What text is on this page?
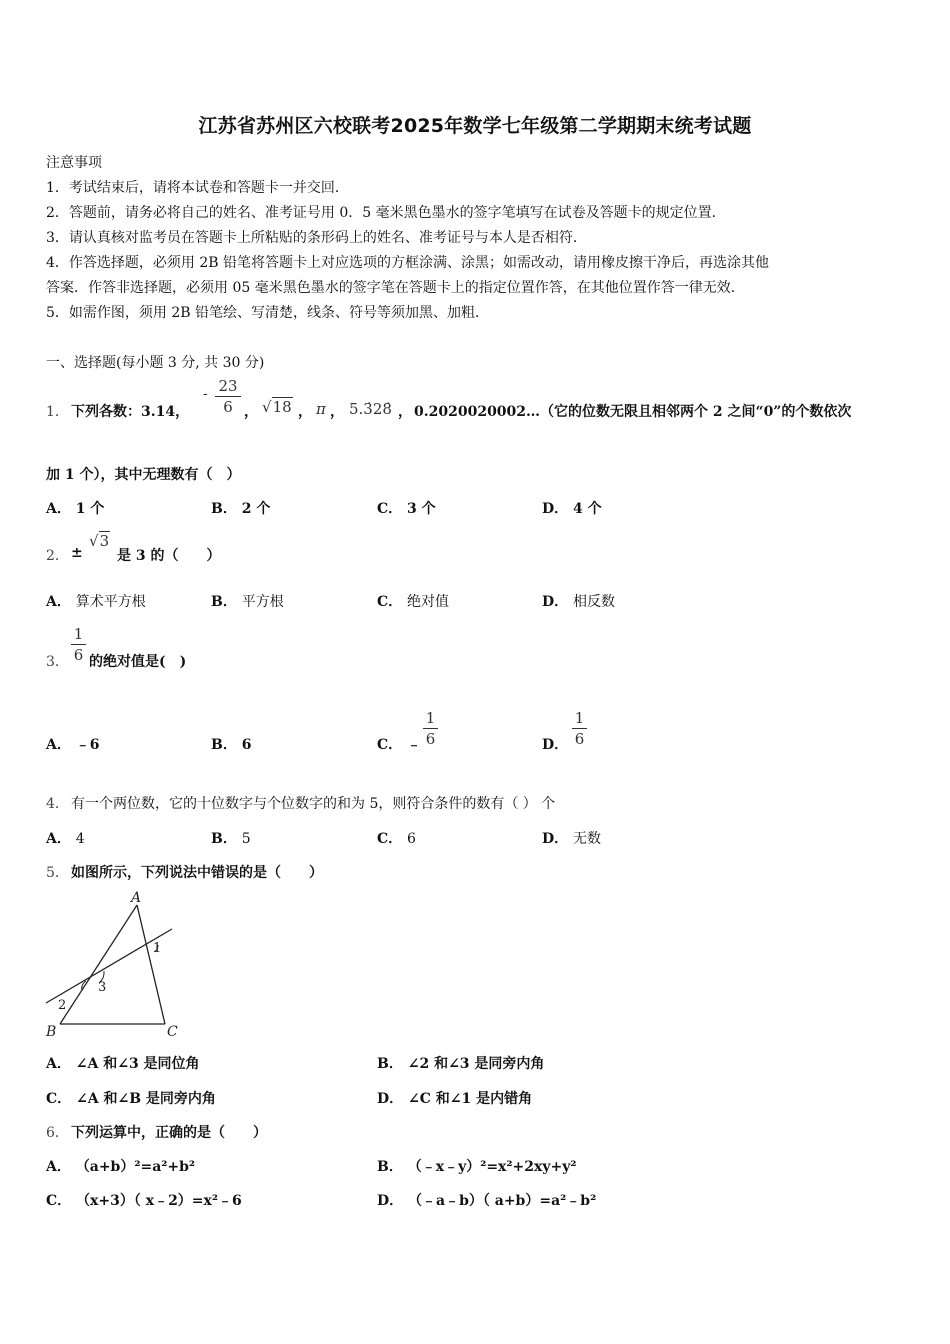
江苏省苏州区六校联考2025年数学七年级第二学期期末统考试题
注意事项
1．考试结束后，请将本试卷和答题卡一并交回．
2．答题前，请务必将自己的姓名、准考证号用 0．5 毫米黑色墨水的签字笔填写在试卷及答题卡的规定位置．
3．请认真核对监考员在答题卡上所粘贴的条形码上的姓名、准考证号与本人是否相符．
4．作答选择题，必须用 2B 铅笔将答题卡上对应选项的方框涂满、涂黑；如需改动，请用橡皮擦干净后，再选涂其他
答案．作答非选择题，必须用 05 毫米黑色墨水的签字笔在答题卡上的指定位置作答，在其他位置作答一律无效．
5．如需作图，须用 2B 铅笔绘、写清楚，线条、符号等须加黑、加粗．
一、选择题(每小题 3 分, 共 30 分)
1． 下列各数：3.14，
- 23
6 ， √18 ， π ， 5.3̇28̇ ， 0.2020020002…（它的位数无限且相邻两个 2 之间“0”的个数依次
加 1 个），其中无理数有（　）
A． 1 个	B． 2 个	C． 3 个	D． 4 个
2． ±
√3
是 3 的（　　）
A． 算术平方根	B． 平方根	C． 绝对值	D． 相反数
3．
1
6 的绝对值是(　)
A． ﹣6	B． 6	C． ﹣
1
6	D．
1
6
4． 有一个两位数，它的十位数字与个位数字的和为 5，则符合条件的数有（ ） 个
A． 4	B． 5	C． 6	D． 无数
5． 如图所示，下列说法中错误的是（　　）
A
B	C
1
2
3
A． ∠A 和∠3 是同位角	B． ∠2 和∠3 是同旁内角
C． ∠A 和∠B 是同旁内角	D． ∠C 和∠1 是内错角
6． 下列运算中，正确的是（　　）
A． （a+b）²=a²+b²	B． （﹣x﹣y）²=x²+2xy+y²
C． （x+3）（ x﹣2）=x²﹣6	D． （﹣a﹣b）（ a+b）=a²﹣b²
